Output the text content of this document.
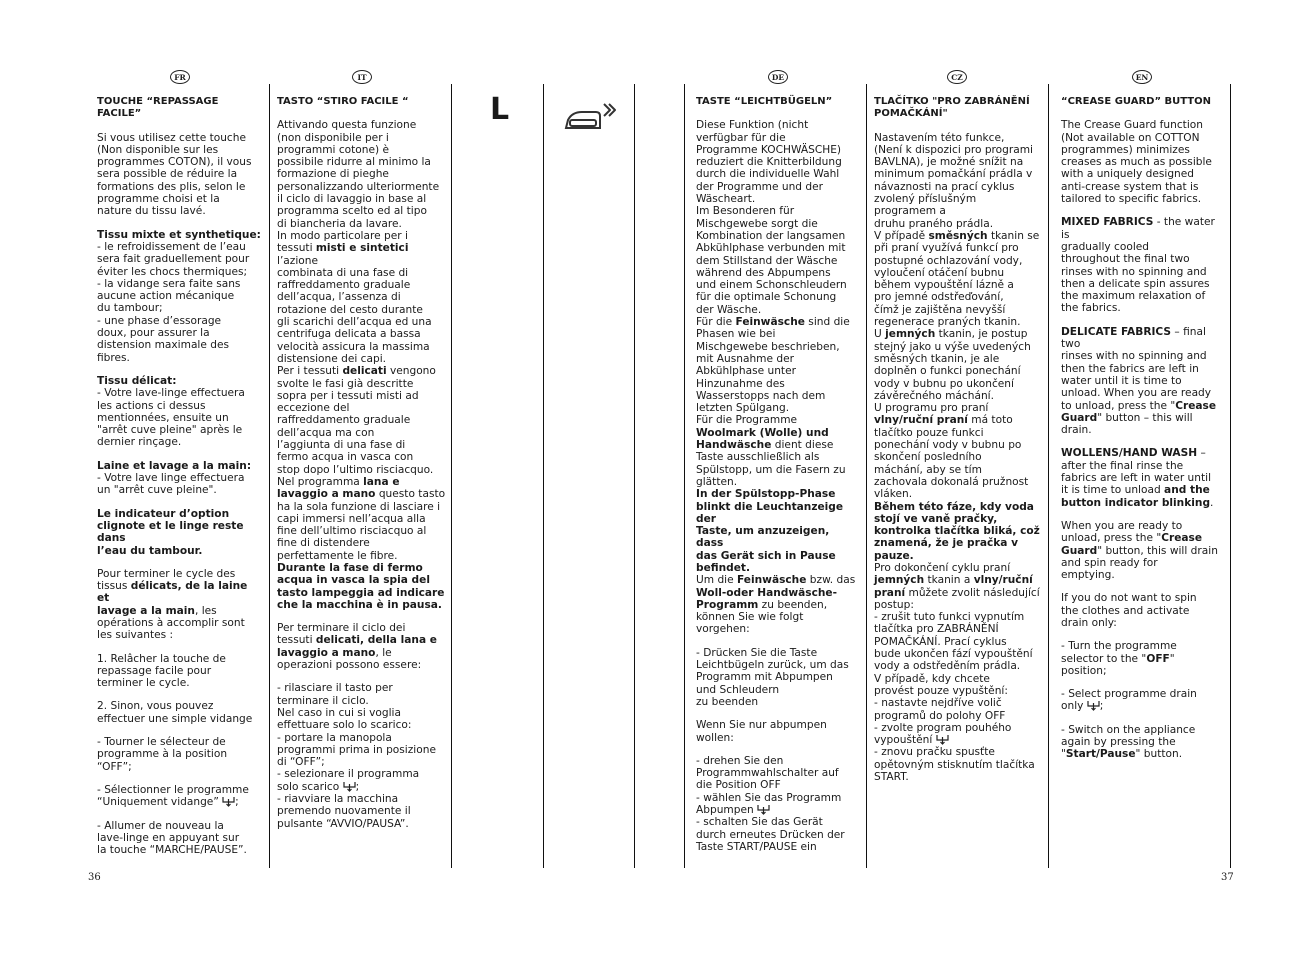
FR
TOUCHE “REPASSAGE FACILE”
Si vous utilisez cette touche
(Non disponible sur les
programmes COTON), il vous
sera possible de réduire la
formations des plis, selon le
programme choisi et la
nature du tissu lavé.
Tissu mixte et synthetique:
- le refroidissement de l’eau
sera fait graduellement pour
éviter les chocs thermiques;
- la vidange sera faite sans
aucune action mécanique
du tambour;
- une phase d’essorage
doux, pour assurer la
distension maximale des
fibres.
Tissu délicat:
- Votre lave-linge effectuera
les actions ci dessus
mentionnées, ensuite un
"arrêt cuve pleine" après le
dernier rinçage.
Laine et lavage a la main:
- Votre lave linge effectuera
un "arrêt cuve pleine".
Le indicateur d’option
clignote et le linge reste dans
l’eau du tambour.
Pour terminer le cycle des
tissus délicats, de la laine et
lavage a la main, les
opérations à accomplir sont
les suivantes :
1. Relâcher la touche de
repassage facile pour
terminer le cycle.
2. Sinon, vous pouvez
effectuer une simple vidange
- Tourner le sélecteur de
programme à la position
“OFF”;
- Sélectionner le programme
“Uniquement vidange” ;
- Allumer de nouveau la
lave-linge en appuyant sur
la touche “MARCHE/PAUSE”.
IT
TASTO “STIRO FACILE “
Attivando questa funzione
(non disponibile per i
programmi cotone) è
possibile ridurre al minimo la
formazione di pieghe
personalizzando ulteriormente
il ciclo di lavaggio in base al
programma scelto ed al tipo
di biancheria da lavare.
In modo particolare per i
tessuti misti e sintetici l’azione
combinata di una fase di
raffreddamento graduale
dell’acqua, l’assenza di
rotazione del cesto durante
gli scarichi dell’acqua ed una
centrifuga delicata a bassa
velocità assicura la massima
distensione dei capi.
Per i tessuti delicati vengono
svolte le fasi già descritte
sopra per i tessuti misti ad
eccezione del
raffreddamento graduale
dell’acqua ma con
l’aggiunta di una fase di
fermo acqua in vasca con
stop dopo l’ultimo risciacquo.
Nel programma lana e
lavaggio a mano questo tasto
ha la sola funzione di lasciare i
capi immersi nell’acqua alla
fine dell’ultimo risciacquo al
fine di distendere
perfettamente le fibre.
Durante la fase di fermo
acqua in vasca la spia del
tasto lampeggia ad indicare
che la macchina è in pausa.
Per terminare il ciclo dei
tessuti delicati, della lana e
lavaggio a mano, le
operazioni possono essere:
- rilasciare il tasto per
terminare il ciclo.
Nel caso in cui si voglia
effettuare solo lo scarico:
- portare la manopola
programmi prima in posizione
di “OFF”;
- selezionare il programma
solo scarico ;
- riavviare la macchina
premendo nuovamente il
pulsante “AVVIO/PAUSA”.
DE
TASTE “LEICHTBÜGELN”
Diese Funktion (nicht
verfügbar für die
Programme KOCHWÄSCHE)
reduziert die Knitterbildung
durch die individuelle Wahl
der Programme und der
Wäscheart.
Im Besonderen für
Mischgewebe sorgt die
Kombination der langsamen
Abkühlphase verbunden mit
dem Stillstand der Wäsche
während des Abpumpens
und einem Schonschleudern
für die optimale Schonung
der Wäsche.
Für die Feinwäsche sind die
Phasen wie bei
Mischgewebe beschrieben,
mit Ausnahme der
Abkühlphase unter
Hinzunahme des
Wasserstopps nach dem
letzten Spülgang.
Für die Programme
Woolmark (Wolle) und
Handwäsche dient diese
Taste ausschließlich als
Spülstopp, um die Fasern zu
glätten.
In der Spülstopp-Phase
blinkt die Leuchtanzeige der
Taste, um anzuzeigen, dass
das Gerät sich in Pause
befindet.
Um die Feinwäsche bzw. das
Woll-oder Handwäsche-
Programm zu beenden,
können Sie wie folgt
vorgehen:
- Drücken Sie die Taste
Leichtbügeln zurück, um das
Programm mit Abpumpen
und Schleudern
zu beenden
Wenn Sie nur abpumpen
wollen:
- drehen Sie den
Programmwahlschalter auf
die Position OFF
- wählen Sie das Programm
Abpumpen
- schalten Sie das Gerät
durch erneutes Drücken der
Taste START/PAUSE ein
CZ
TLAČÍTKO "PRO ZABRÁNĚNÍ
POMAČKÁNÍ"
Nastavením této funkce,
(Není k dispozici pro programi
BAVLNA), je možné snížit na
minimum pomačkání prádla v
návaznosti na prací cyklus
zvolený příslušným programem a
druhu praného prádla.
V případě směsných tkanin se
při praní využívá funkcí pro
postupné ochlazování vody,
vyloučení otáčení bubnu
během vypouštění lázně a
pro jemné odstřeďování,
čímž je zajištěna nevyšší
regenerace praných tkanin.
U jemných tkanin, je postup
stejný jako u výše uvedených
směsných tkanin, je ale
doplněn o funkci ponechání
vody v bubnu po ukončení
závěrečného máchání.
U programu pro praní
vlny/ruční praní má toto
tlačítko pouze funkci
ponechání vody v bubnu po
skončení posledního
máchání, aby se tím
zachovala dokonalá pružnost
vláken.
Během této fáze, kdy voda
stojí ve vaně pračky,
kontrolka tlačítka bliká, což
znamená, že je pračka v
pauze.
Pro dokončení cyklu praní
jemných tkanin a vlny/ruční
praní můžete zvolit následující
postup:
- zrušit tuto funkci vypnutím
tlačítka pro ZABRÁNĚNÍ
POMAČKÁNÍ. Prací cyklus
bude ukončen fází vypouštění
vody a odstředěním prádla.
V případě, kdy chcete
provést pouze vypuštění:
- nastavte nejdříve volič
programů do polohy OFF
- zvolte program pouhého
vypouštění
- znovu pračku spusťte
opětovným stisknutím tlačítka
START.
EN
“CREASE GUARD” BUTTON
The Crease Guard function
(Not available on COTTON
programmes) minimizes
creases as much as possible
with a uniquely designed
anti-crease system that is
tailored to specific fabrics.
MIXED FABRICS - the water is
gradually cooled
throughout the final two
rinses with no spinning and
then a delicate spin assures
the maximum relaxation of
the fabrics.
DELICATE FABRICS – final two
rinses with no spinning and
then the fabrics are left in
water until it is time to
unload. When you are ready
to unload, press the "Crease
Guard" button – this will
drain.
WOLLENS/HAND WASH –
after the final rinse the
fabrics are left in water until
it is time to unload and the
button indicator blinking.
When you are ready to
unload, press the "Crease
Guard" button, this will drain
and spin ready for
emptying.
If you do not want to spin
the clothes and activate
drain only:
- Turn the programme
selector to the "OFF"
position;
- Select programme drain
only ;
- Switch on the appliance
again by pressing the
"Start/Pause" button.
L
36	37
